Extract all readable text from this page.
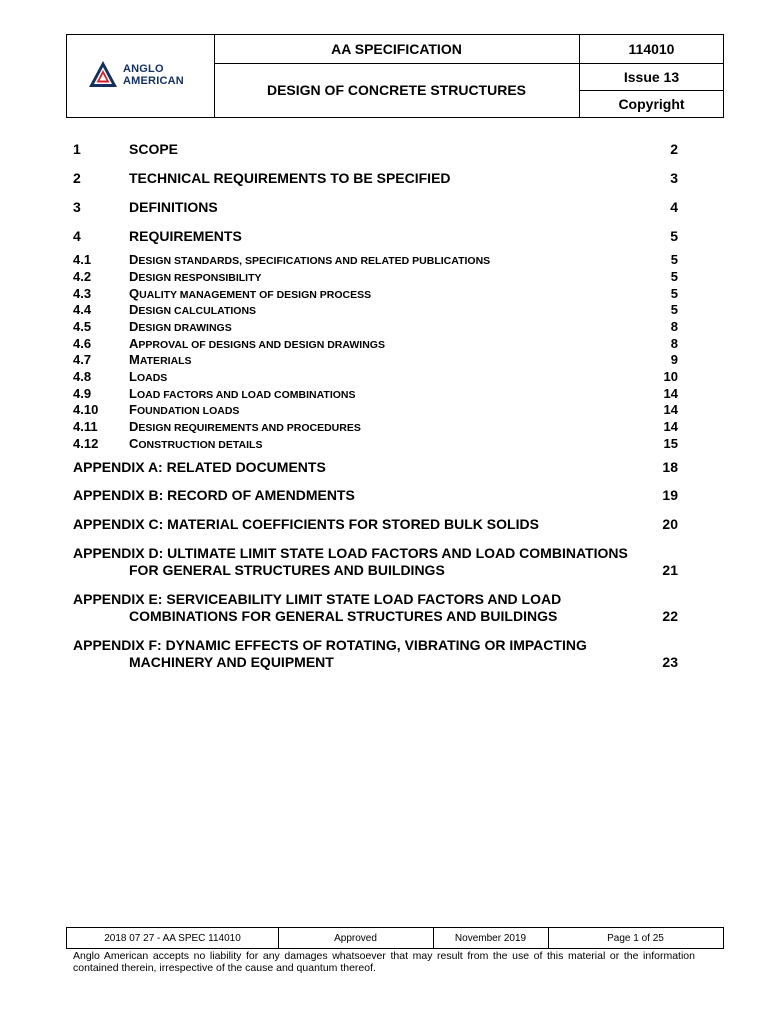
ANGLO
AMERICAN
AA SPECIFICATION
DESIGN OF CONCRETE STRUCTURES
114010
Issue 13
Copyright
1	SCOPE	2
2	TECHNICAL REQUIREMENTS TO BE SPECIFIED	3
3	DEFINITIONS	4
4	REQUIREMENTS	5
4.1	DESIGN STANDARDS, SPECIFICATIONS AND RELATED PUBLICATIONS	5
4.2	DESIGN RESPONSIBILITY	5
4.3	QUALITY MANAGEMENT OF DESIGN PROCESS	5
4.4	DESIGN CALCULATIONS	5
4.5	DESIGN DRAWINGS	8
4.6	APPROVAL OF DESIGNS AND DESIGN DRAWINGS	8
4.7	MATERIALS	9
4.8	LOADS	10
4.9	LOAD FACTORS AND LOAD COMBINATIONS	14
4.10 FOUNDATION LOADS	14
4.11 DESIGN REQUIREMENTS AND PROCEDURES	14
4.12 CONSTRUCTION DETAILS	15
APPENDIX A: RELATED DOCUMENTS	18
APPENDIX B: RECORD OF AMENDMENTS	19
APPENDIX C: MATERIAL COEFFICIENTS FOR STORED BULK SOLIDS	20
APPENDIX D: ULTIMATE LIMIT STATE LOAD FACTORS AND LOAD COMBINATIONS
FOR GENERAL STRUCTURES AND BUILDINGS	21
APPENDIX E: SERVICEABILITY LIMIT STATE LOAD FACTORS AND LOAD
COMBINATIONS FOR GENERAL STRUCTURES AND BUILDINGS	22
APPENDIX F: DYNAMIC EFFECTS OF ROTATING, VIBRATING OR IMPACTING
MACHINERY AND EQUIPMENT	23
2018 07 27 - AA SPEC 114010	Approved	November 2019	Page 1 of 25
Anglo American accepts no liability for any damages whatsoever that may result from the use of this material or the information contained therein, irrespective of the cause and quantum thereof.
